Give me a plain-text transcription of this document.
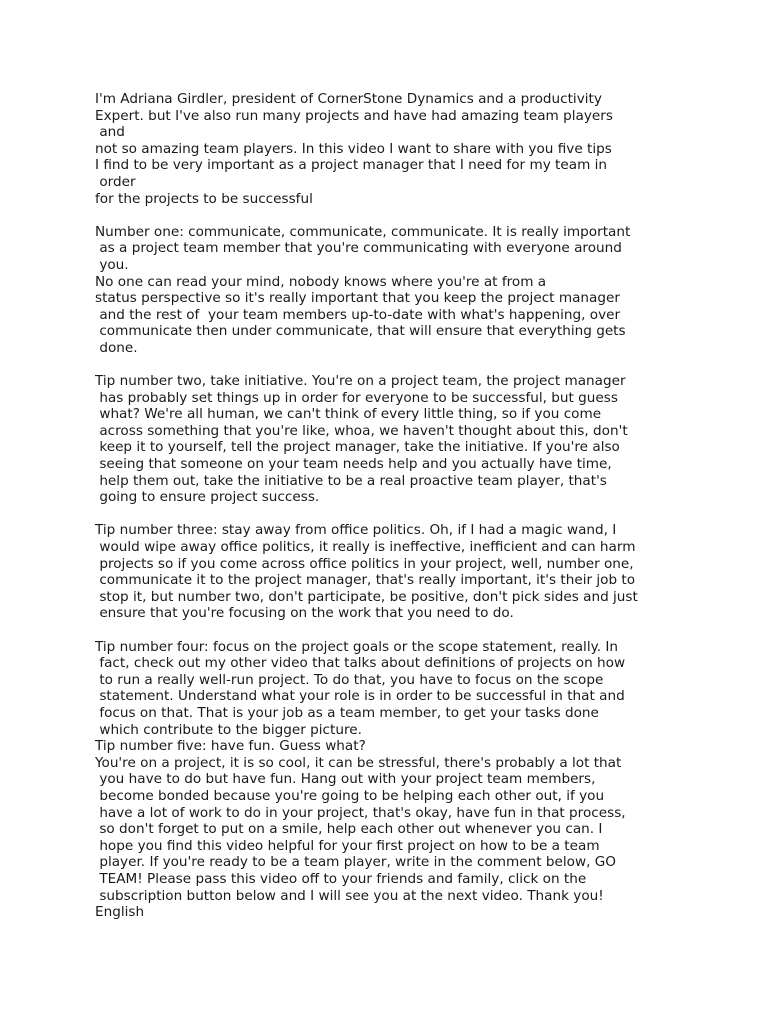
I'm Adriana Girdler, president of CornerStone Dynamics and a productivity
Expert. but I've also run many projects and have had amazing team players
and
not so amazing team players. In this video I want to share with you five tips
I find to be very important as a project manager that I need for my team in
order
for the projects to be successful
Number one: communicate, communicate, communicate. It is really important
as a project team member that you're communicating with everyone around
you.
No one can read your mind, nobody knows where you're at from a
status perspective so it's really important that you keep the project manager
and the rest of  your team members up-to-date with what's happening, over
communicate then under communicate, that will ensure that everything gets
done.
Tip number two, take initiative. You're on a project team, the project manager
has probably set things up in order for everyone to be successful, but guess
what? We're all human, we can't think of every little thing, so if you come
across something that you're like, whoa, we haven't thought about this, don't
keep it to yourself, tell the project manager, take the initiative. If you're also
seeing that someone on your team needs help and you actually have time,
help them out, take the initiative to be a real proactive team player, that's
going to ensure project success.
Tip number three: stay away from office politics. Oh, if I had a magic wand, I
would wipe away office politics, it really is ineffective, inefficient and can harm
projects so if you come across office politics in your project, well, number one,
communicate it to the project manager, that's really important, it's their job to
stop it, but number two, don't participate, be positive, don't pick sides and just
ensure that you're focusing on the work that you need to do.
Tip number four: focus on the project goals or the scope statement, really. In
fact, check out my other video that talks about definitions of projects on how
to run a really well-run project. To do that, you have to focus on the scope
statement. Understand what your role is in order to be successful in that and
focus on that. That is your job as a team member, to get your tasks done
which contribute to the bigger picture.
Tip number five: have fun. Guess what?
You're on a project, it is so cool, it can be stressful, there's probably a lot that
you have to do but have fun. Hang out with your project team members,
become bonded because you're going to be helping each other out, if you
have a lot of work to do in your project, that's okay, have fun in that process,
so don't forget to put on a smile, help each other out whenever you can. I
hope you find this video helpful for your first project on how to be a team
player. If you're ready to be a team player, write in the comment below, GO
TEAM! Please pass this video off to your friends and family, click on the
subscription button below and I will see you at the next video. Thank you!
English
